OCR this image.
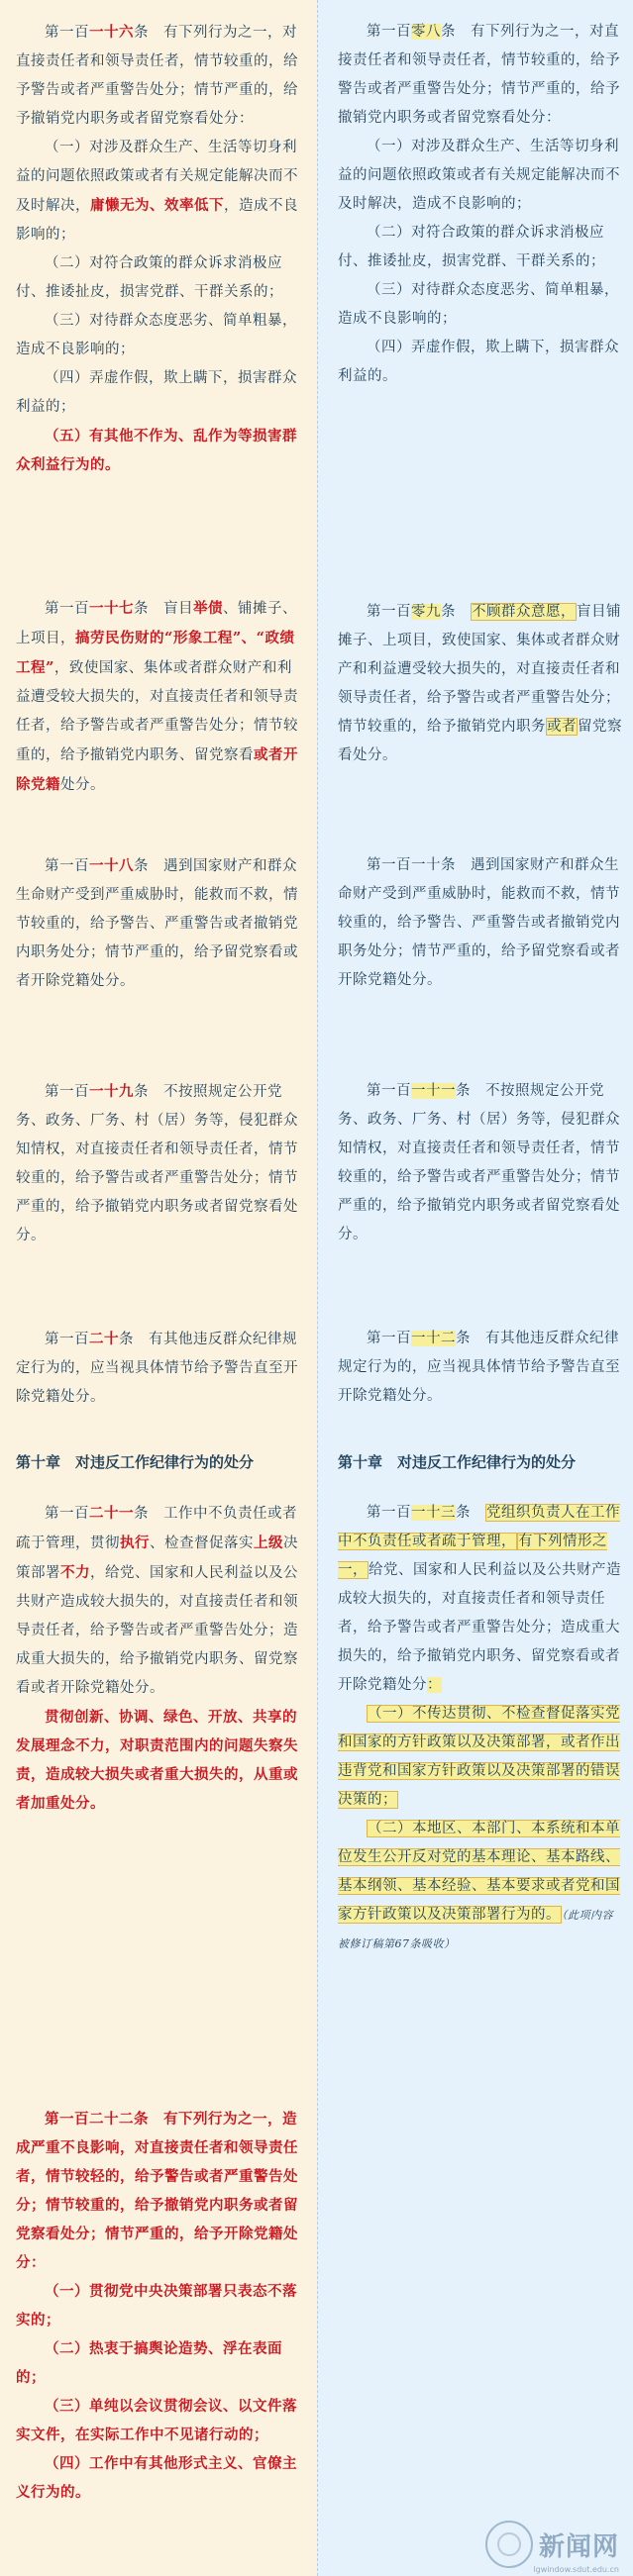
第一百一十六条　 有下列行为之一，对直接责任者和领导责任者，情节较重的，给予警告或者严重警告处分；情节严重的，给予撤销党内职务或者留党察看处分：

（一）对涉及群众生产、生活等切身利益的问题依照政策或者有关规定能解决而不及时解决，庸懒无为、效率低下，造成不良影响的；

（二）对符合政策的群众诉求消极应付、推诿扯皮，损害党群、干群关系的；

（三）对待群众态度恶劣、简单粗暴，造成不良影响的；

（四）弄虚作假，欺上瞒下，损害群众利益的；

（五）有其他不作为、乱作为等损害群众利益行为的。

第一百一十七条　 盲目举债、铺摊子、上项目，搞劳民伤财的“形象工程”、“政绩工程”，致使国家、集体或者群众财产和利益遭受较大损失的，对直接责任者和领导责任者，给予警告或者严重警告处分；情节较重的，给予撤销党内职务、留党察看或者开除党籍处分。

第一百一十八条　 遇到国家财产和群众生命财产受到严重威胁时，能救而不救，情节较重的，给予警告、严重警告或者撤销党内职务处分；情节严重的，给予留党察看或者开除党籍处分。

第一百一十九条　 不按照规定公开党务、政务、厂务、村（居）务等，侵犯群众知情权，对直接责任者和领导责任者，情节较重的，给予警告或者严重警告处分；情节严重的，给予撤销党内职务或者留党察看处分。

第一百二十条　 有其他违反群众纪律规定行为的，应当视具体情节给予警告直至开除党籍处分。

第十章　对违反工作纪律行为的处分

第一百二十一条　 工作中不负责任或者疏于管理，贯彻执行、检查督促落实上级决策部署不力，给党、国家和人民利益以及公共财产造成较大损失的，对直接责任者和领导责任者，给予警告或者严重警告处分；造成重大损失的，给予撤销党内职务、留党察看或者开除党籍处分。

贯彻创新、协调、绿色、开放、共享的发展理念不力，对职责范围内的问题失察失责，造成较大损失或者重大损失的，从重或者加重处分。

第一百二十二条　有下列行为之一，造成严重不良影响，对直接责任者和领导责任者，情节较轻的，给予警告或者严重警告处分；情节较重的，给予撤销党内职务或者留党察看处分；情节严重的，给予开除党籍处分：

（一）贯彻党中央决策部署只表态不落实的；

（二）热衷于搞舆论造势、浮在表面的；

（三）单纯以会议贯彻会议、以文件落实文件，在实际工作中不见诸行动的；

（四）工作中有其他形式主义、官僚主义行为的。

第一百零八条　 有下列行为之一，对直接责任者和领导责任者，情节较重的，给予警告或者严重警告处分；情节严重的，给予撤销党内职务或者留党察看处分：

（一）对涉及群众生产、生活等切身利益的问题依照政策或者有关规定能解决而不及时解决，造成不良影响的；

（二）对符合政策的群众诉求消极应付、推诿扯皮，损害党群、干群关系的；

（三）对待群众态度恶劣、简单粗暴，造成不良影响的；

（四）弄虚作假，欺上瞒下，损害群众利益的。

第一百零九条　 不顾群众意愿，盲目铺摊子、上项目，致使国家、集体或者群众财产和利益遭受较大损失的，对直接责任者和领导责任者，给予警告或者严重警告处分；情节较重的，给予撤销党内职务或者留党察看处分。

第一百一十条　 遇到国家财产和群众生命财产受到严重威胁时，能救而不救，情节较重的，给予警告、严重警告或者撤销党内职务处分；情节严重的，给予留党察看或者开除党籍处分。

第一百一十一条　 不按照规定公开党务、政务、厂务、村（居）务等，侵犯群众知情权，对直接责任者和领导责任者，情节较重的，给予警告或者严重警告处分；情节严重的，给予撤销党内职务或者留党察看处分。

第一百一十二条　 有其他违反群众纪律规定行为的，应当视具体情节给予警告直至开除党籍处分。

第十章　对违反工作纪律行为的处分

第一百一十三条　 党组织负责人在工作中不负责任或者疏于管理， 有下列情形之一，给党、国家和人民利益以及公共财产造成较大损失的，对直接责任者和领导责任者，给予警告或者严重警告处分；造成重大损失的，给予撤销党内职务、留党察看或者开除党籍处分：

（一）不传达贯彻、不检查督促落实党和国家的方针政策以及决策部署，或者作出违背党和国家方针政策以及决策部署的错误决策的；

（二）本地区、本部门、本系统和本单位发生公开反对党的基本理论、基本路线、基本纲领、基本经验、基本要求或者党和国家方针政策以及决策部署行为的。（此项内容被修订稿第67条吸收）

新闻网
lgwindow.sdut.edu.cn
